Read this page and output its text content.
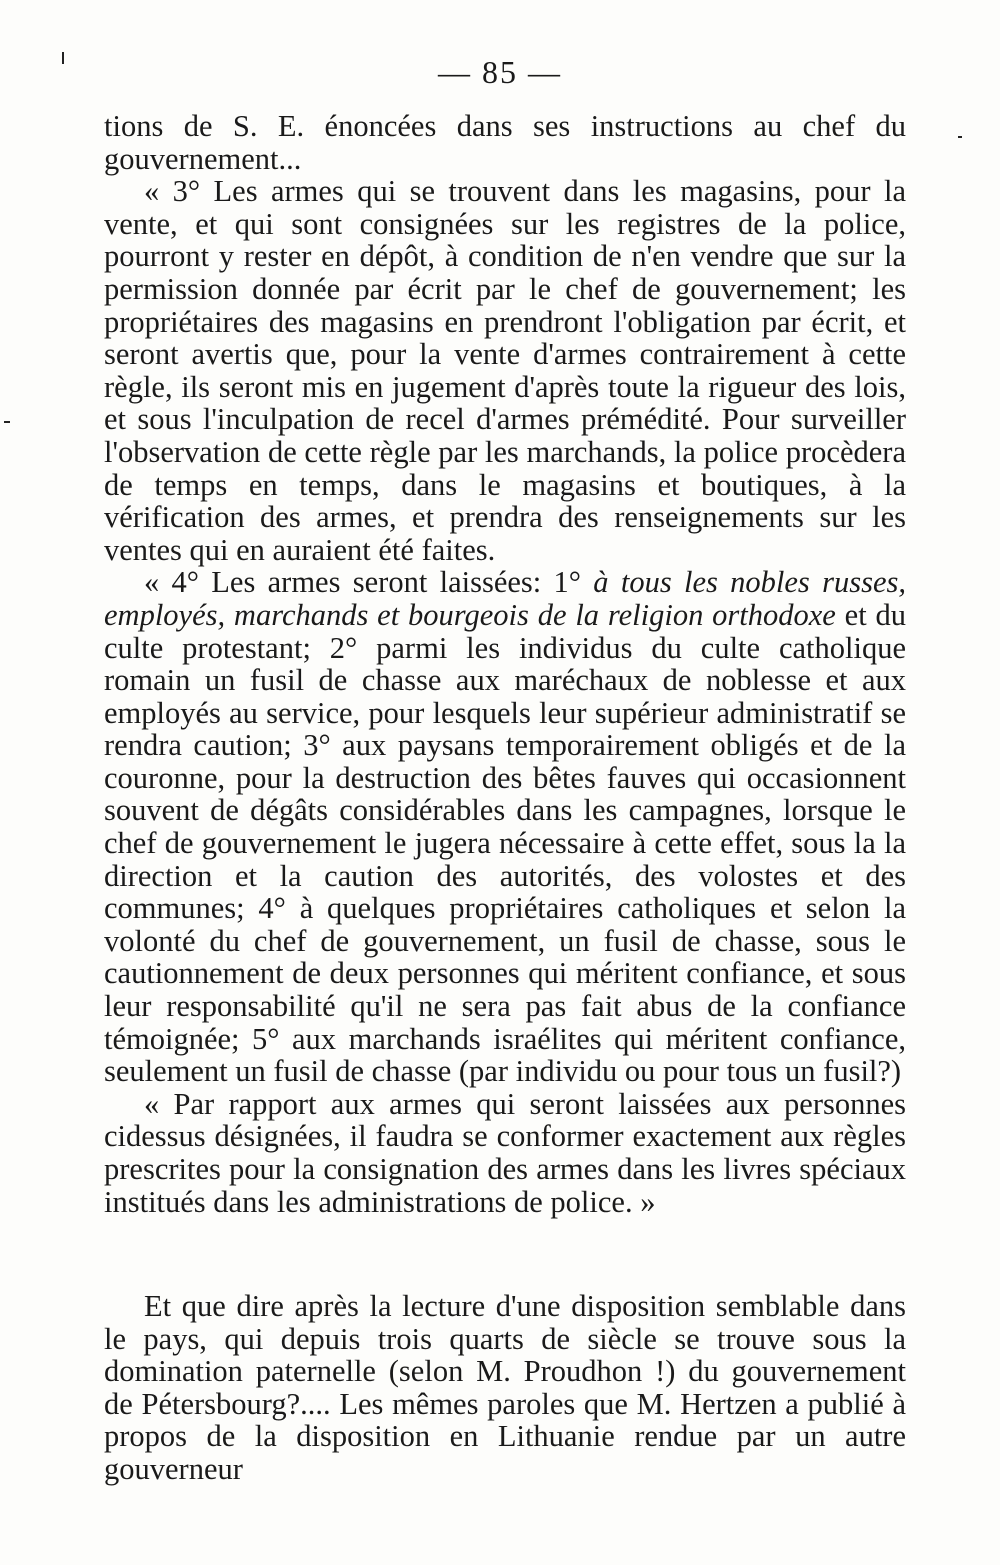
— 85 —

tions de S. E. énoncées dans ses instructions au chef du gouvernement...

« 3° Les armes qui se trouvent dans les magasins, pour la vente, et qui sont consignées sur les registres de la police, pourront y rester en dépôt, à condition de n'en vendre que sur la permission donnée par écrit par le chef de gouvernement; les propriétaires des magasins en prendront l'obligation par écrit, et seront avertis que, pour la vente d'armes contrairement à cette règle, ils seront mis en jugement d'après toute la rigueur des lois, et sous l'inculpation de recel d'armes prémédité. Pour surveiller l'observation de cette règle par les marchands, la police procèdera de temps en temps, dans le magasins et boutiques, à la vérification des armes, et prendra des renseignements sur les ventes qui en auraient été faites.

« 4° Les armes seront laissées: 1° à tous les nobles russes, employés, marchands et bourgeois de la religion orthodoxe et du culte protestant; 2° parmi les individus du culte catholique romain un fusil de chasse aux maréchaux de noblesse et aux employés au service, pour lesquels leur supérieur administratif se rendra caution; 3° aux paysans temporairement obligés et de la couronne, pour la destruction des bêtes fauves qui occasionnent souvent de dégâts considérables dans les campagnes, lorsque le chef de gouvernement le jugera nécessaire à cette effet, sous la la direction et la caution des autorités, des volostes et des communes; 4° à quelques propriétaires catholiques et selon la volonté du chef de gouvernement, un fusil de chasse, sous le cautionnement de deux personnes qui méritent confiance, et sous leur responsabilité qu'il ne sera pas fait abus de la confiance témoignée; 5° aux marchands israélites qui méritent confiance, seulement un fusil de chasse (par individu ou pour tous un fusil?)

« Par rapport aux armes qui seront laissées aux personnes cidessus désignées, il faudra se conformer exactement aux règles prescrites pour la consignation des armes dans les livres spéciaux institués dans les administrations de police. »

Et que dire après la lecture d'une disposition semblable dans le pays, qui depuis trois quarts de siècle se trouve sous la domination paternelle (selon M. Proudhon !) du gouvernement de Pétersbourg?.... Les mêmes paroles que M. Hertzen a publié à propos de la disposition en Lithuanie rendue par un autre gouverneur
